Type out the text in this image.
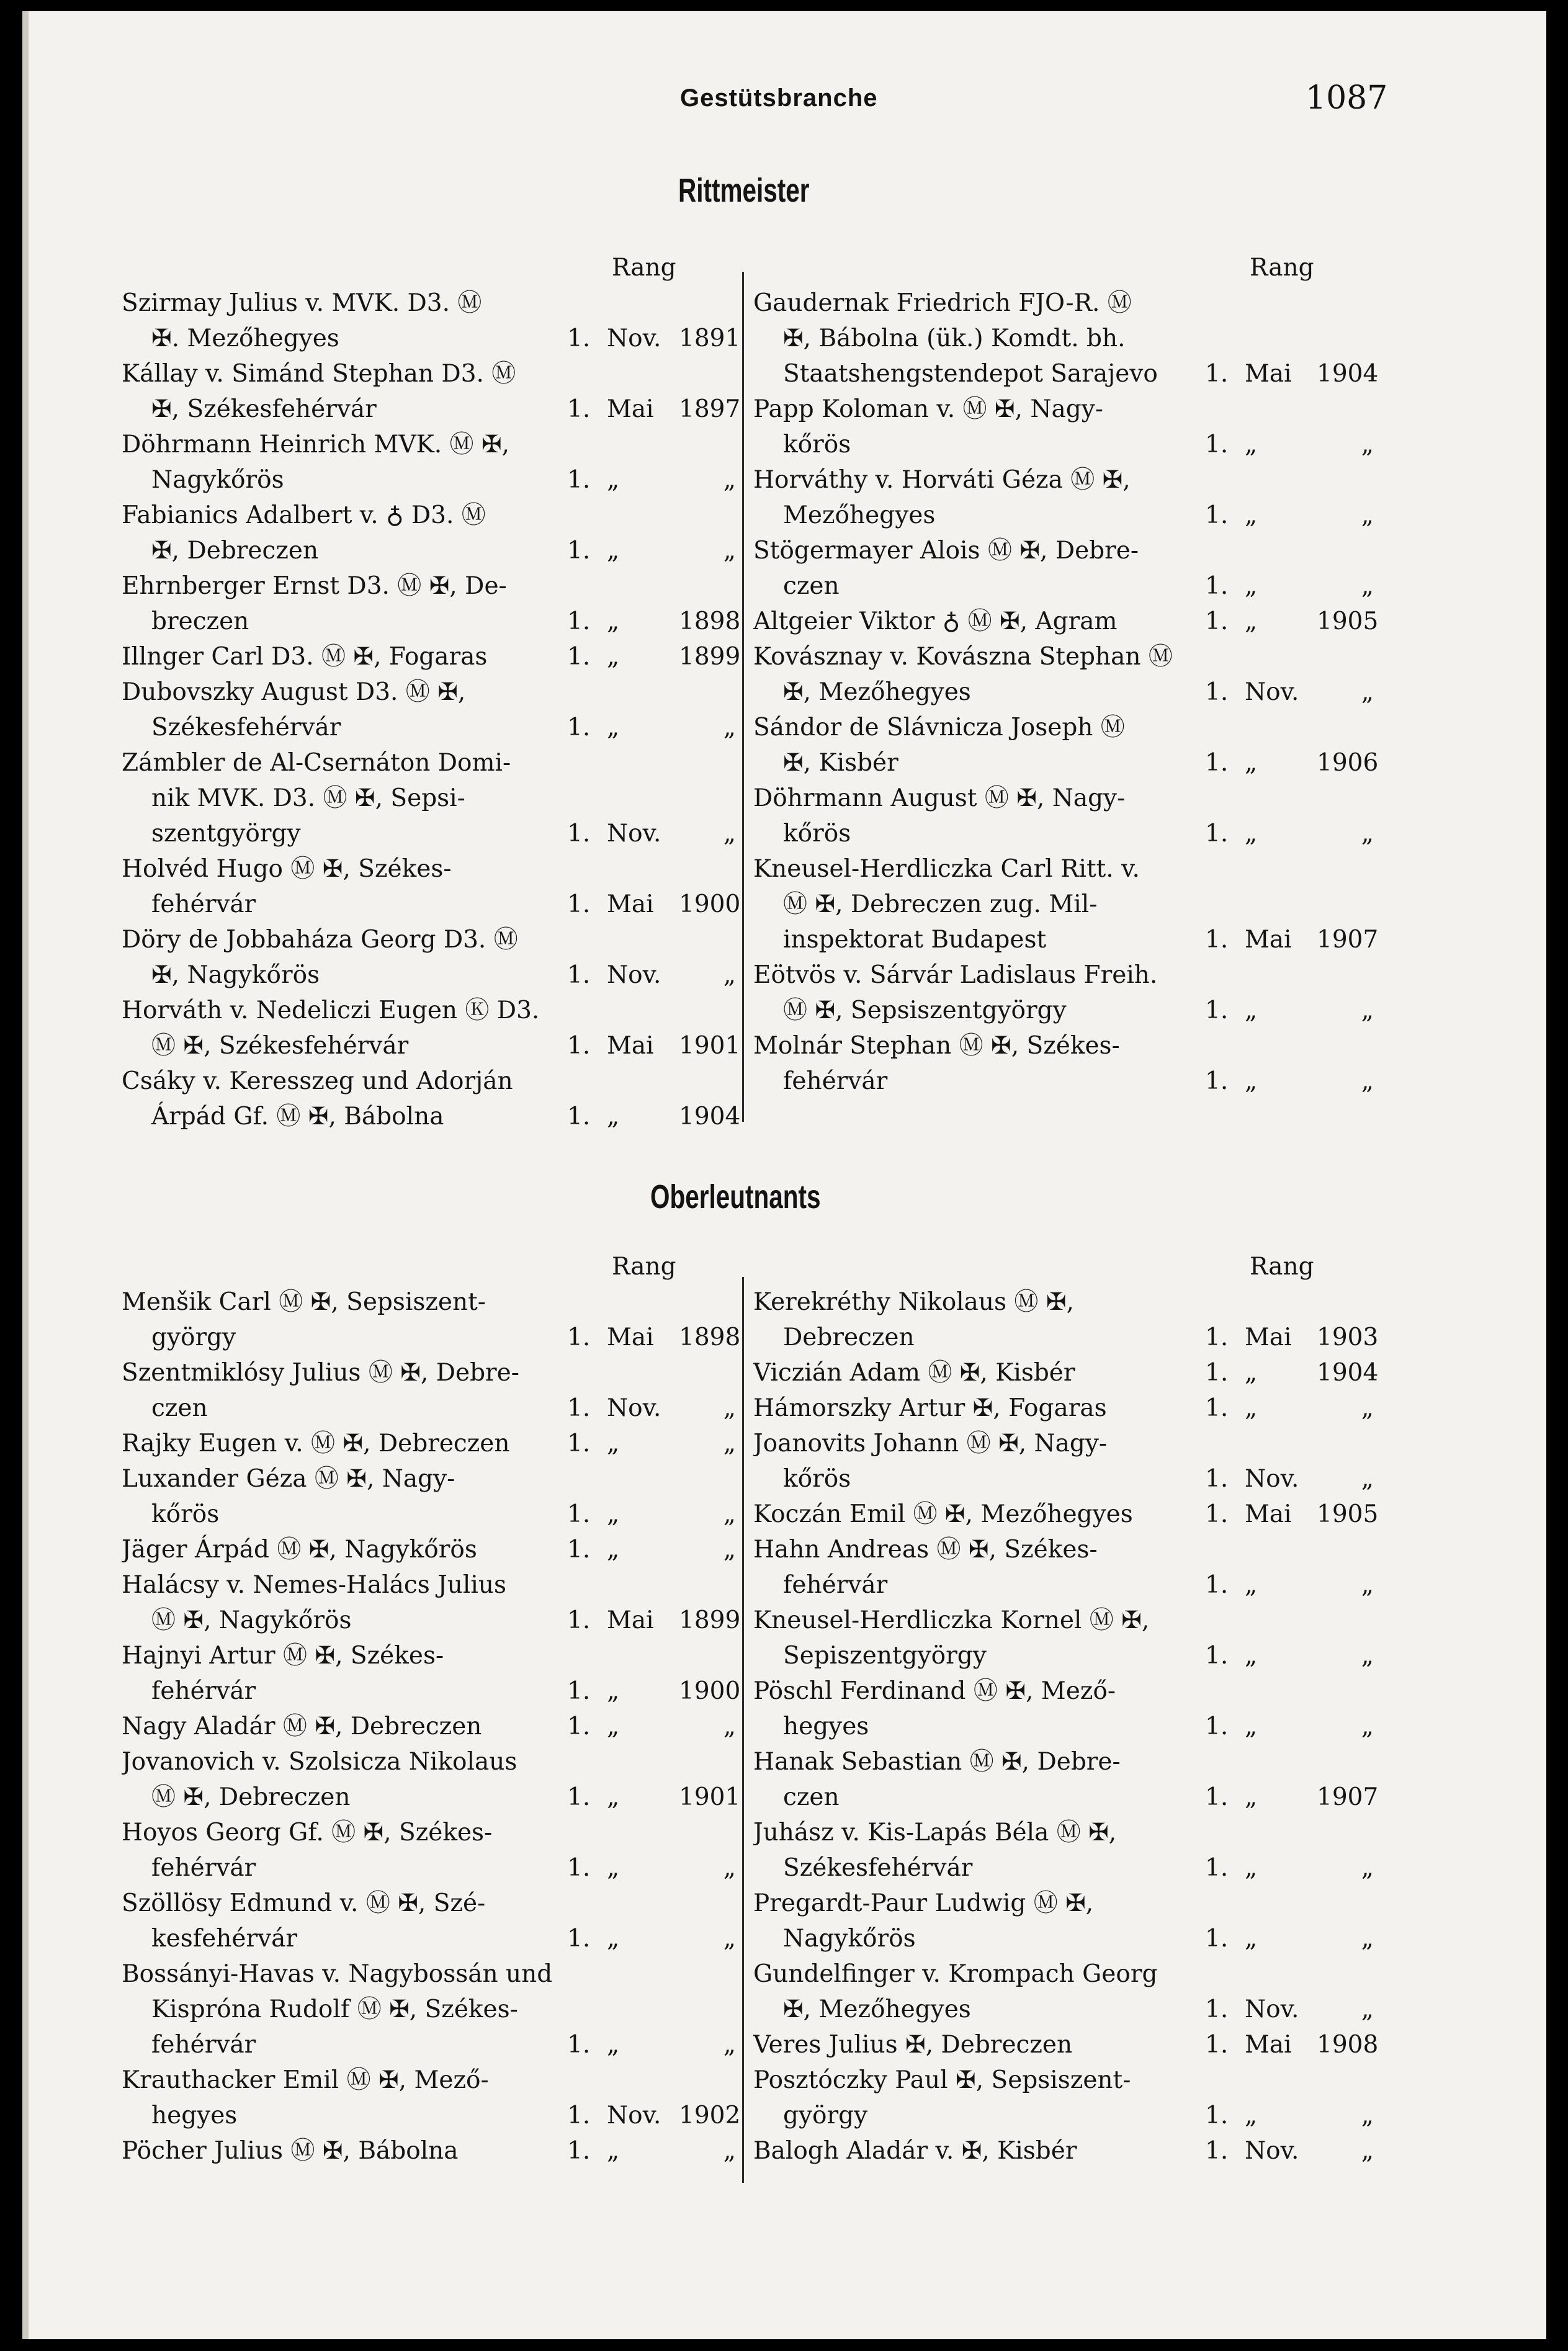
Gestütsbranche	1087
Rittmeister
Oberleutnants
Rang
Szirmay Julius v. MVK. D3. Ⓜ
✠. Mezőhegyes	1. Nov. 1891
Kállay v. Simánd Stephan D3. Ⓜ
✠, Székesfehérvár	1. Mai	1897
Döhrmann Heinrich MVK. Ⓜ ✠,
Nagykőrös	1. „	„
Fabianics Adalbert v. ♁ D3. Ⓜ
✠, Debreczen	1. „	„
Ehrnberger Ernst D3. Ⓜ ✠, De-
breczen	1. „	1898
Illnger Carl D3. Ⓜ ✠, Fogaras	1. „	1899
Dubovszky August D3. Ⓜ ✠,
Székesfehérvár	1. „	„
Zámbler de Al-Csernáton Domi-
nik MVK. D3. Ⓜ ✠, Sepsi-
szentgyörgy	1. Nov.	„
Holvéd Hugo Ⓜ ✠, Székes-
fehérvár	1. Mai	1900
Döry de Jobbaháza Georg D3. Ⓜ
✠, Nagykőrös	1. Nov.	„
Horváth v. Nedeliczi Eugen Ⓚ D3.
Ⓜ ✠, Székesfehérvár	1. Mai	1901
Csáky v. Keresszeg und Adorján
Árpád Gf. Ⓜ ✠, Bábolna	1. „	1904
Rang
Gaudernak Friedrich FJO-R. Ⓜ
✠, Bábolna (ük.) Komdt. bh.
Staatshengstendepot Sarajevo	1. Mai	1904
Papp Koloman v. Ⓜ ✠, Nagy-
kőrös	1. „	„
Horváthy v. Horváti Géza Ⓜ ✠,
Mezőhegyes	1. „	„
Stögermayer Alois Ⓜ ✠, Debre-
czen	1. „	„
Altgeier Viktor ♁ Ⓜ ✠, Agram	1. „	1905
Kovásznay v. Kovászna Stephan Ⓜ
✠, Mezőhegyes	1. Nov.	„
Sándor de Slávnicza Joseph Ⓜ
✠, Kisbér	1. „	1906
Döhrmann August Ⓜ ✠, Nagy-
kőrös	1. „	„
Kneusel-Herdliczka Carl Ritt. v.
Ⓜ ✠, Debreczen zug. Mil-
inspektorat Budapest	1. Mai	1907
Eötvös v. Sárvár Ladislaus Freih.
Ⓜ ✠, Sepsiszentgyörgy	1. „	„
Molnár Stephan Ⓜ ✠, Székes-
fehérvár	1. „	„
Rang
Menšik Carl Ⓜ ✠, Sepsiszent-
györgy	1. Mai	1898
Szentmiklósy Julius Ⓜ ✠, Debre-
czen	1. Nov.	„
Rajky Eugen v. Ⓜ ✠, Debreczen	1. „	„
Luxander Géza Ⓜ ✠, Nagy-
kőrös	1. „	„
Jäger Árpád Ⓜ ✠, Nagykőrös	1. „	„
Halácsy v. Nemes-Halács Julius
Ⓜ ✠, Nagykőrös	1. Mai	1899
Hajnyi Artur Ⓜ ✠, Székes-
fehérvár	1. „	1900
Nagy Aladár Ⓜ ✠, Debreczen	1. „	„
Jovanovich v. Szolsicza Nikolaus
Ⓜ ✠, Debreczen	1. „	1901
Hoyos Georg Gf. Ⓜ ✠, Székes-
fehérvár	1. „	„
Szöllösy Edmund v. Ⓜ ✠, Szé-
kesfehérvár	1. „	„
Bossányi-Havas v. Nagybossán und
Kisprόna Rudolf Ⓜ ✠, Székes-
fehérvár	1. „	„
Krauthacker Emil Ⓜ ✠, Mező-
hegyes	1. Nov. 1902
Pöcher Julius Ⓜ ✠, Bábolna	1. „	„
Rang
Kerekréthy Nikolaus Ⓜ ✠,
Debreczen	1. Mai	1903
Viczián Adam Ⓜ ✠, Kisbér	1. „	1904
Hámorszky Artur ✠, Fogaras	1. „	„
Joanovits Johann Ⓜ ✠, Nagy-
kőrös	1. Nov.	„
Koczán Emil Ⓜ ✠, Mezőhegyes	1. Mai	1905
Hahn Andreas Ⓜ ✠, Székes-
fehérvár	1. „	„
Kneusel-Herdliczka Kornel Ⓜ ✠,
Sepiszentgyörgy	1. „	„
Pöschl Ferdinand Ⓜ ✠, Mező-
hegyes	1. „	„
Hanak Sebastian Ⓜ ✠, Debre-
czen	1. „	1907
Juhász v. Kis-Lapás Béla Ⓜ ✠,
Székesfehérvár	1. „	„
Pregardt-Paur Ludwig Ⓜ ✠,
Nagykőrös	1. „	„
Gundelfinger v. Krompach Georg
✠, Mezőhegyes	1. Nov.	„
Veres Julius ✠, Debreczen	1. Mai	1908
Posztóczky Paul ✠, Sepsiszent-
györgy	1. „	„
Balogh Aladár v. ✠, Kisbér	1. Nov.	„
